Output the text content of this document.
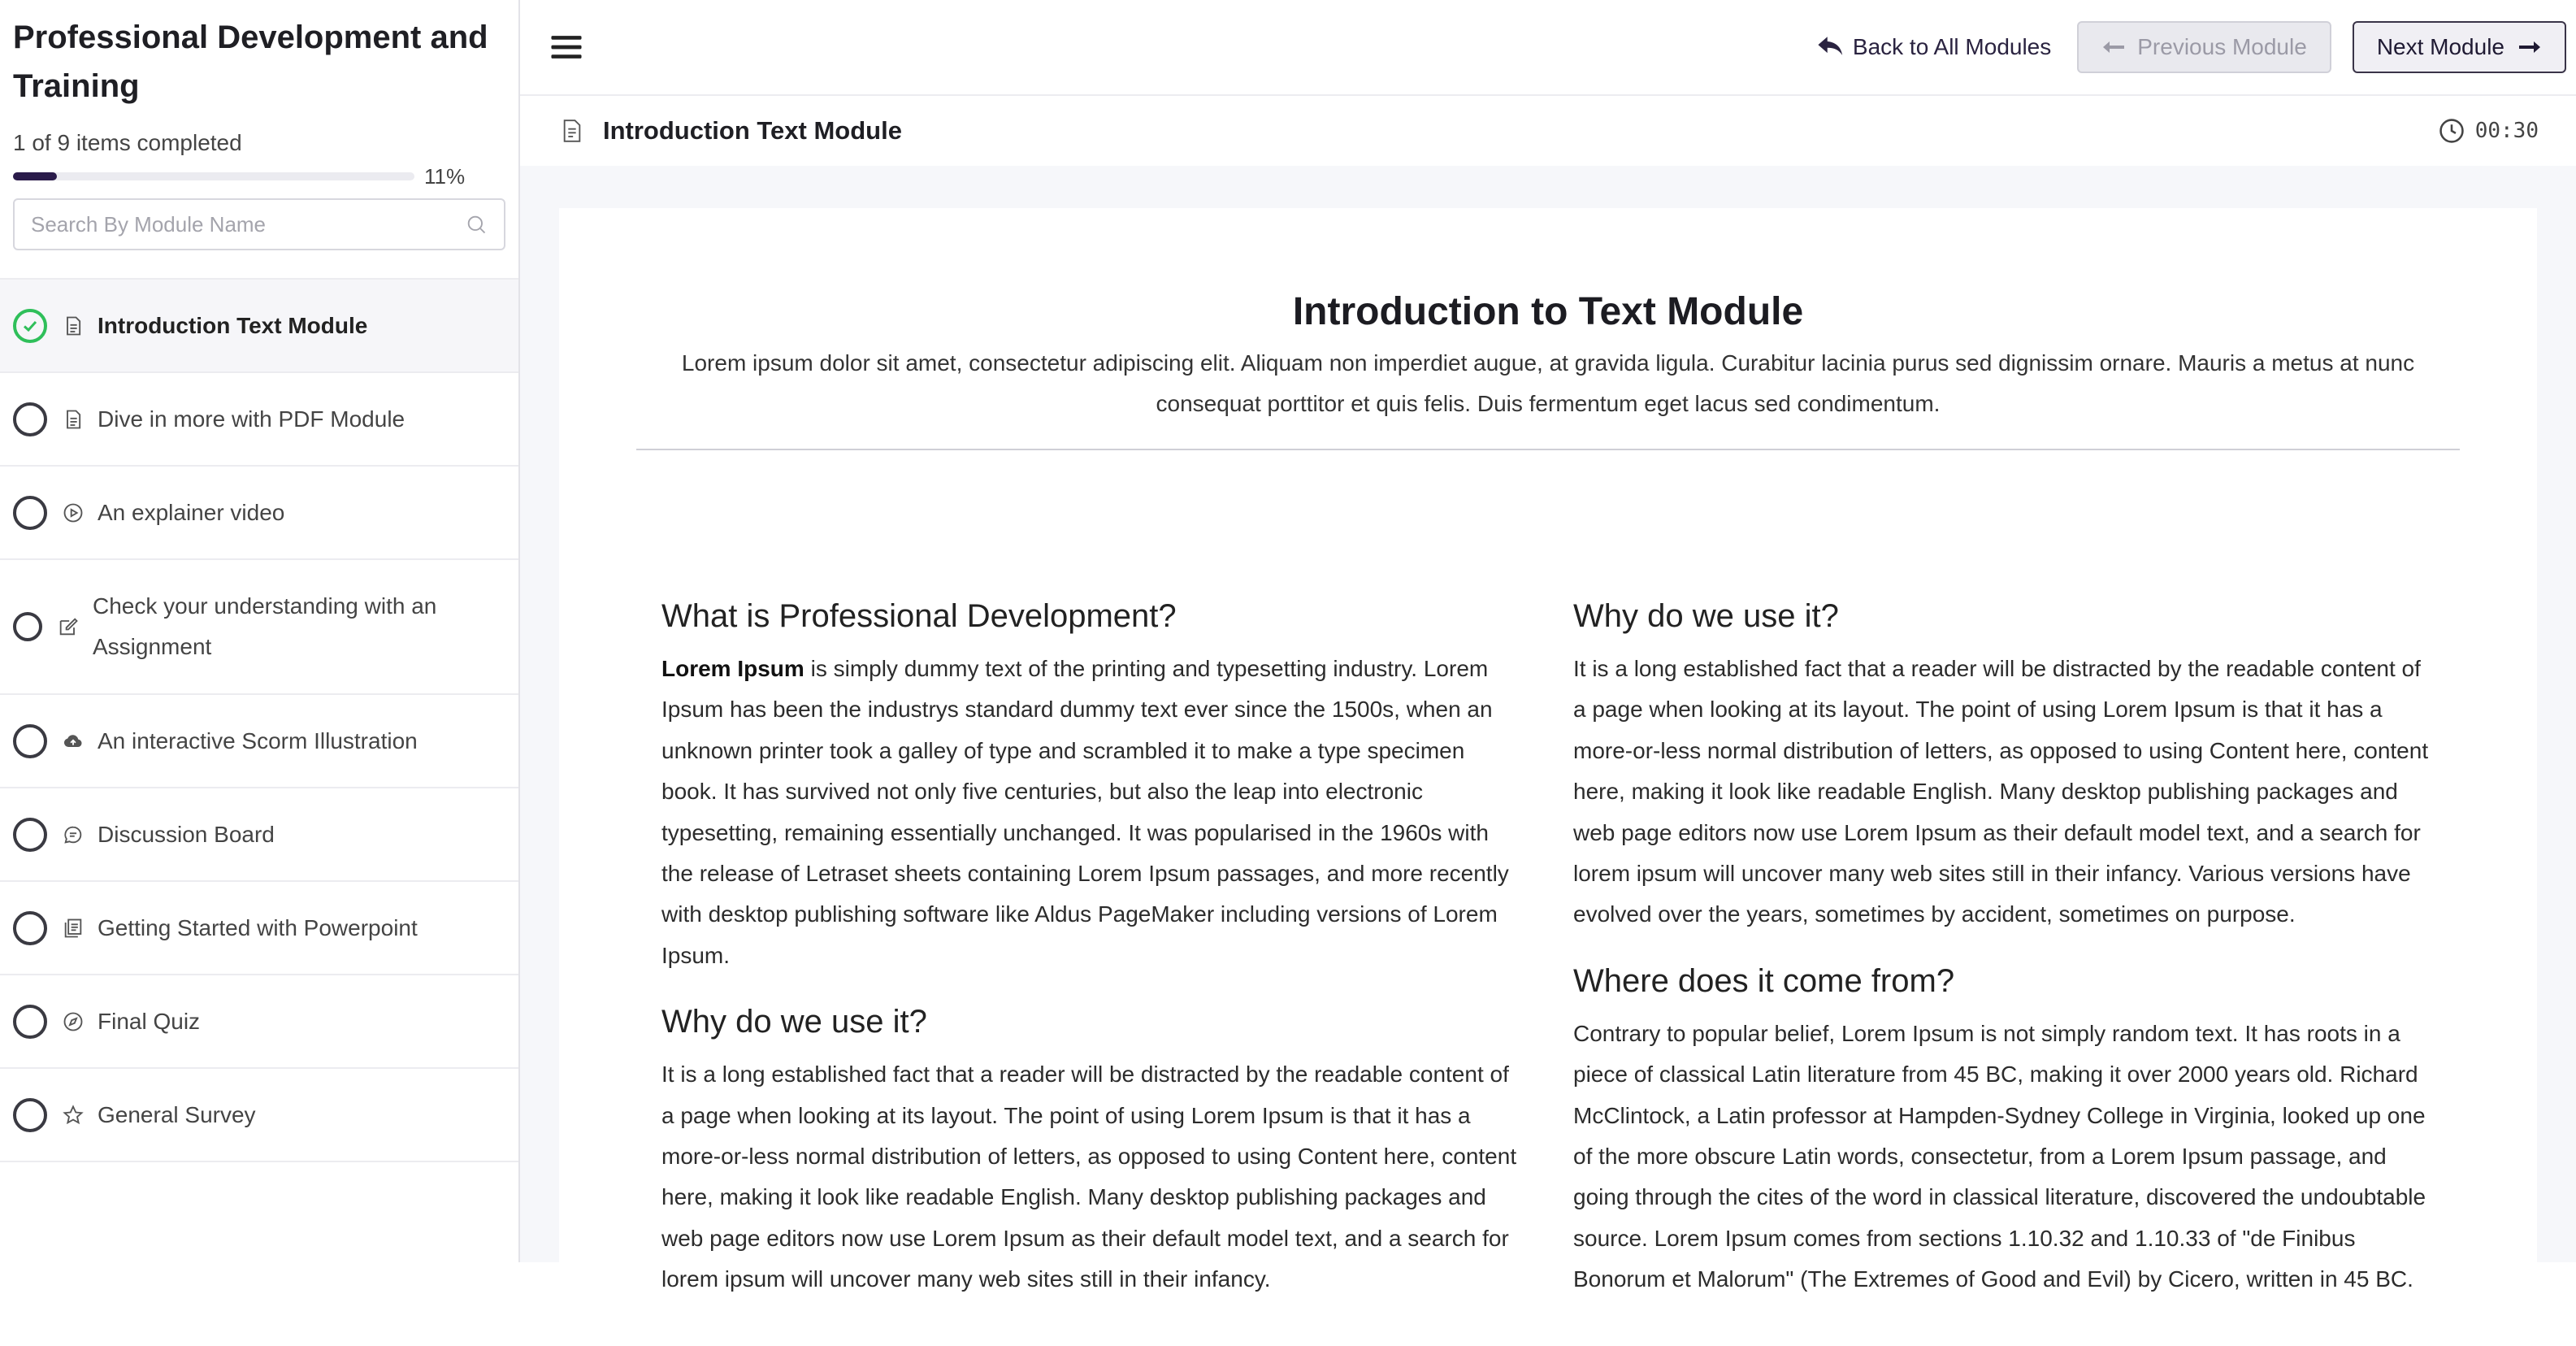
Professional Development and Training
1 of 9 items completed
11%
Search By Module Name
Introduction Text Module
Dive in more with PDF Module
An explainer video
Check your understanding with an Assignment
An interactive Scorm Illustration
Discussion Board
Getting Started with Powerpoint
Final Quiz
General Survey
Back to All Modules	Previous Module	Next Module
Introduction Text Module	00:30
Introduction to Text Module

Lorem ipsum dolor sit amet, consectetur adipiscing elit. Aliquam non imperdiet augue, at gravida ligula. Curabitur lacinia purus sed dignissim ornare. Mauris a metus at nunc consequat porttitor et quis felis. Duis fermentum eget lacus sed condimentum.

What is Professional Development?

Lorem Ipsum is simply dummy text of the printing and typesetting industry. Lorem Ipsum has been the industrys standard dummy text ever since the 1500s, when an unknown printer took a galley of type and scrambled it to make a type specimen book. It has survived not only five centuries, but also the leap into electronic typesetting, remaining essentially unchanged. It was popularised in the 1960s with the release of Letraset sheets containing Lorem Ipsum passages, and more recently with desktop publishing software like Aldus PageMaker including versions of Lorem Ipsum.

Why do we use it?

It is a long established fact that a reader will be distracted by the readable content of a page when looking at its layout. The point of using Lorem Ipsum is that it has a more-or-less normal distribution of letters, as opposed to using Content here, content here, making it look like readable English. Many desktop publishing packages and web page editors now use Lorem Ipsum as their default model text, and a search for lorem ipsum will uncover many web sites still in their infancy.

Why do we use it?

It is a long established fact that a reader will be distracted by the readable content of a page when looking at its layout. The point of using Lorem Ipsum is that it has a more-or-less normal distribution of letters, as opposed to using Content here, content here, making it look like readable English. Many desktop publishing packages and web page editors now use Lorem Ipsum as their default model text, and a search for lorem ipsum will uncover many web sites still in their infancy. Various versions have evolved over the years, sometimes by accident, sometimes on purpose.

Where does it come from?

Contrary to popular belief, Lorem Ipsum is not simply random text. It has roots in a piece of classical Latin literature from 45 BC, making it over 2000 years old. Richard McClintock, a Latin professor at Hampden-Sydney College in Virginia, looked up one of the more obscure Latin words, consectetur, from a Lorem Ipsum passage, and going through the cites of the word in classical literature, discovered the undoubtable source. Lorem Ipsum comes from sections 1.10.32 and 1.10.33 of "de Finibus Bonorum et Malorum" (The Extremes of Good and Evil) by Cicero, written in 45 BC.
